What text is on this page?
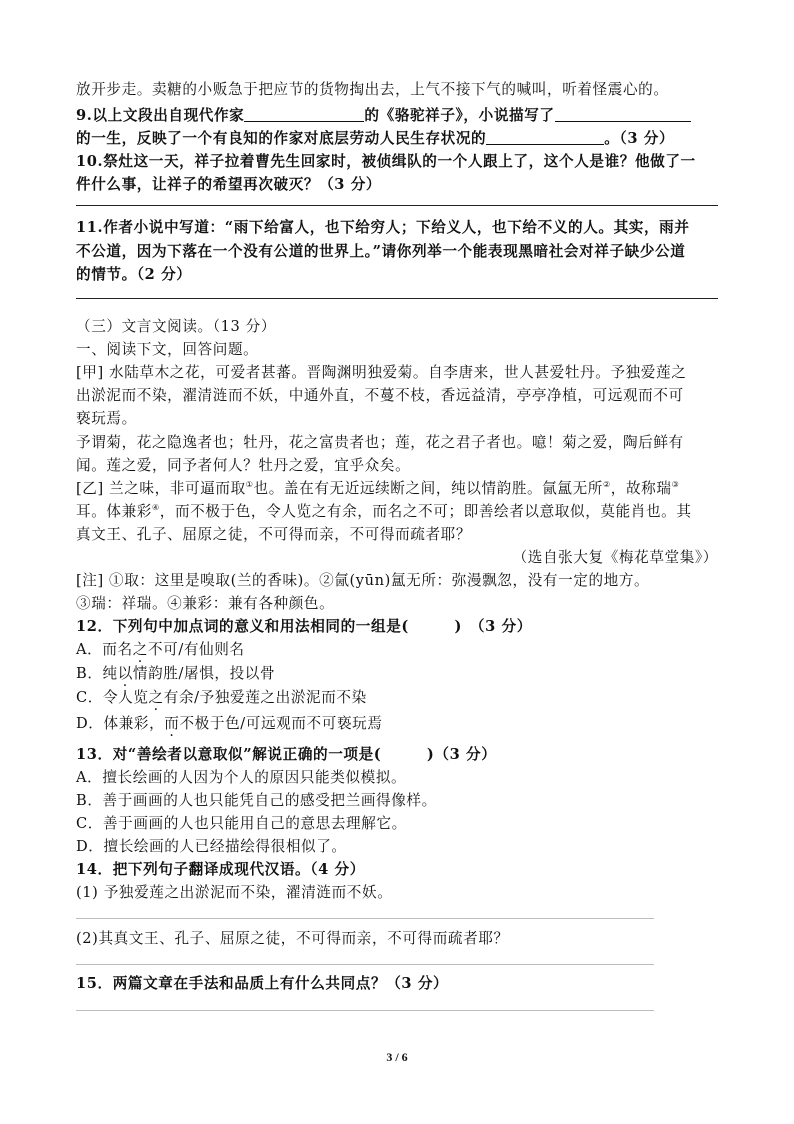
放开步走。卖糖的小贩急于把应节的货物掏出去，上气不接下气的喊叫，听着怪震心的。
9.以上文段出自现代作家	的《骆驼祥子》，小说描写了
的一生，反映了一个有良知的作家对底层劳动人民生存状况的	。（3 分）
10.祭灶这一天，祥子拉着曹先生回家时，被侦缉队的一个人跟上了，这个人是谁？他做了一
件什么事，让祥子的希望再次破灭？（3 分）
11.作者小说中写道：“雨下给富人，也下给穷人；下给义人，也下给不义的人。其实，雨并
不公道，因为下落在一个没有公道的世界上。”请你列举一个能表现黑暗社会对祥子缺少公道
的情节。（2 分）
（三）文言文阅读。（13 分）
一、阅读下文，回答问题。
[甲] 水陆草木之花，可爱者甚蕃。晋陶渊明独爱菊。自李唐来，世人甚爱牡丹。予独爱莲之
出淤泥而不染，濯清涟而不妖，中通外直，不蔓不枝，香远益清，亭亭净植，可远观而不可
亵玩焉。
予谓菊，花之隐逸者也；牡丹，花之富贵者也；莲，花之君子者也。噫！菊之爱，陶后鲜有
闻。莲之爱，同予者何人？牡丹之爱，宜乎众矣。
[乙] 兰之味，非可逼而取①也。盖在有无近远续断之间，纯以情韵胜。氤氲无所②，故称瑞③
耳。体兼彩④，而不极于色，令人览之有余，而名之不可；即善绘者以意取似，莫能肖也。其
真文王、孔子、屈原之徒，不可得而亲，不可得而疏者耶？
（选自张大复《梅花草堂集》）
[注] ①取：这里是嗅取(兰的香味)。②氤(yūn)氲无所：弥漫飘忽，没有一定的地方。
③瑞：祥瑞。④兼彩：兼有各种颜色。
12．下列句中加点词的意义和用法相同的一组是(　　　)　（3 分）
A．而名之不可/有仙则名
B．纯以情韵胜/屠惧，投以骨
C．令人览之有余/予独爱莲之出淤泥而不染
D．体兼彩，而不极于色/可远观而不可亵玩焉
13．对“善绘者以意取似”解说正确的一项是(　　　)（3 分）
A．擅长绘画的人因为个人的原因只能类似模拟。
B．善于画画的人也只能凭自己的感受把兰画得像样。
C．善于画画的人也只能用自己的意思去理解它。
D．擅长绘画的人已经描绘得很相似了。
14．把下列句子翻译成现代汉语。（4 分）
(1) 予独爱莲之出淤泥而不染，濯清涟而不妖。
(2)其真文王、孔子、屈原之徒，不可得而亲，不可得而疏者耶？
15．两篇文章在手法和品质上有什么共同点？（3 分）
3 / 6
